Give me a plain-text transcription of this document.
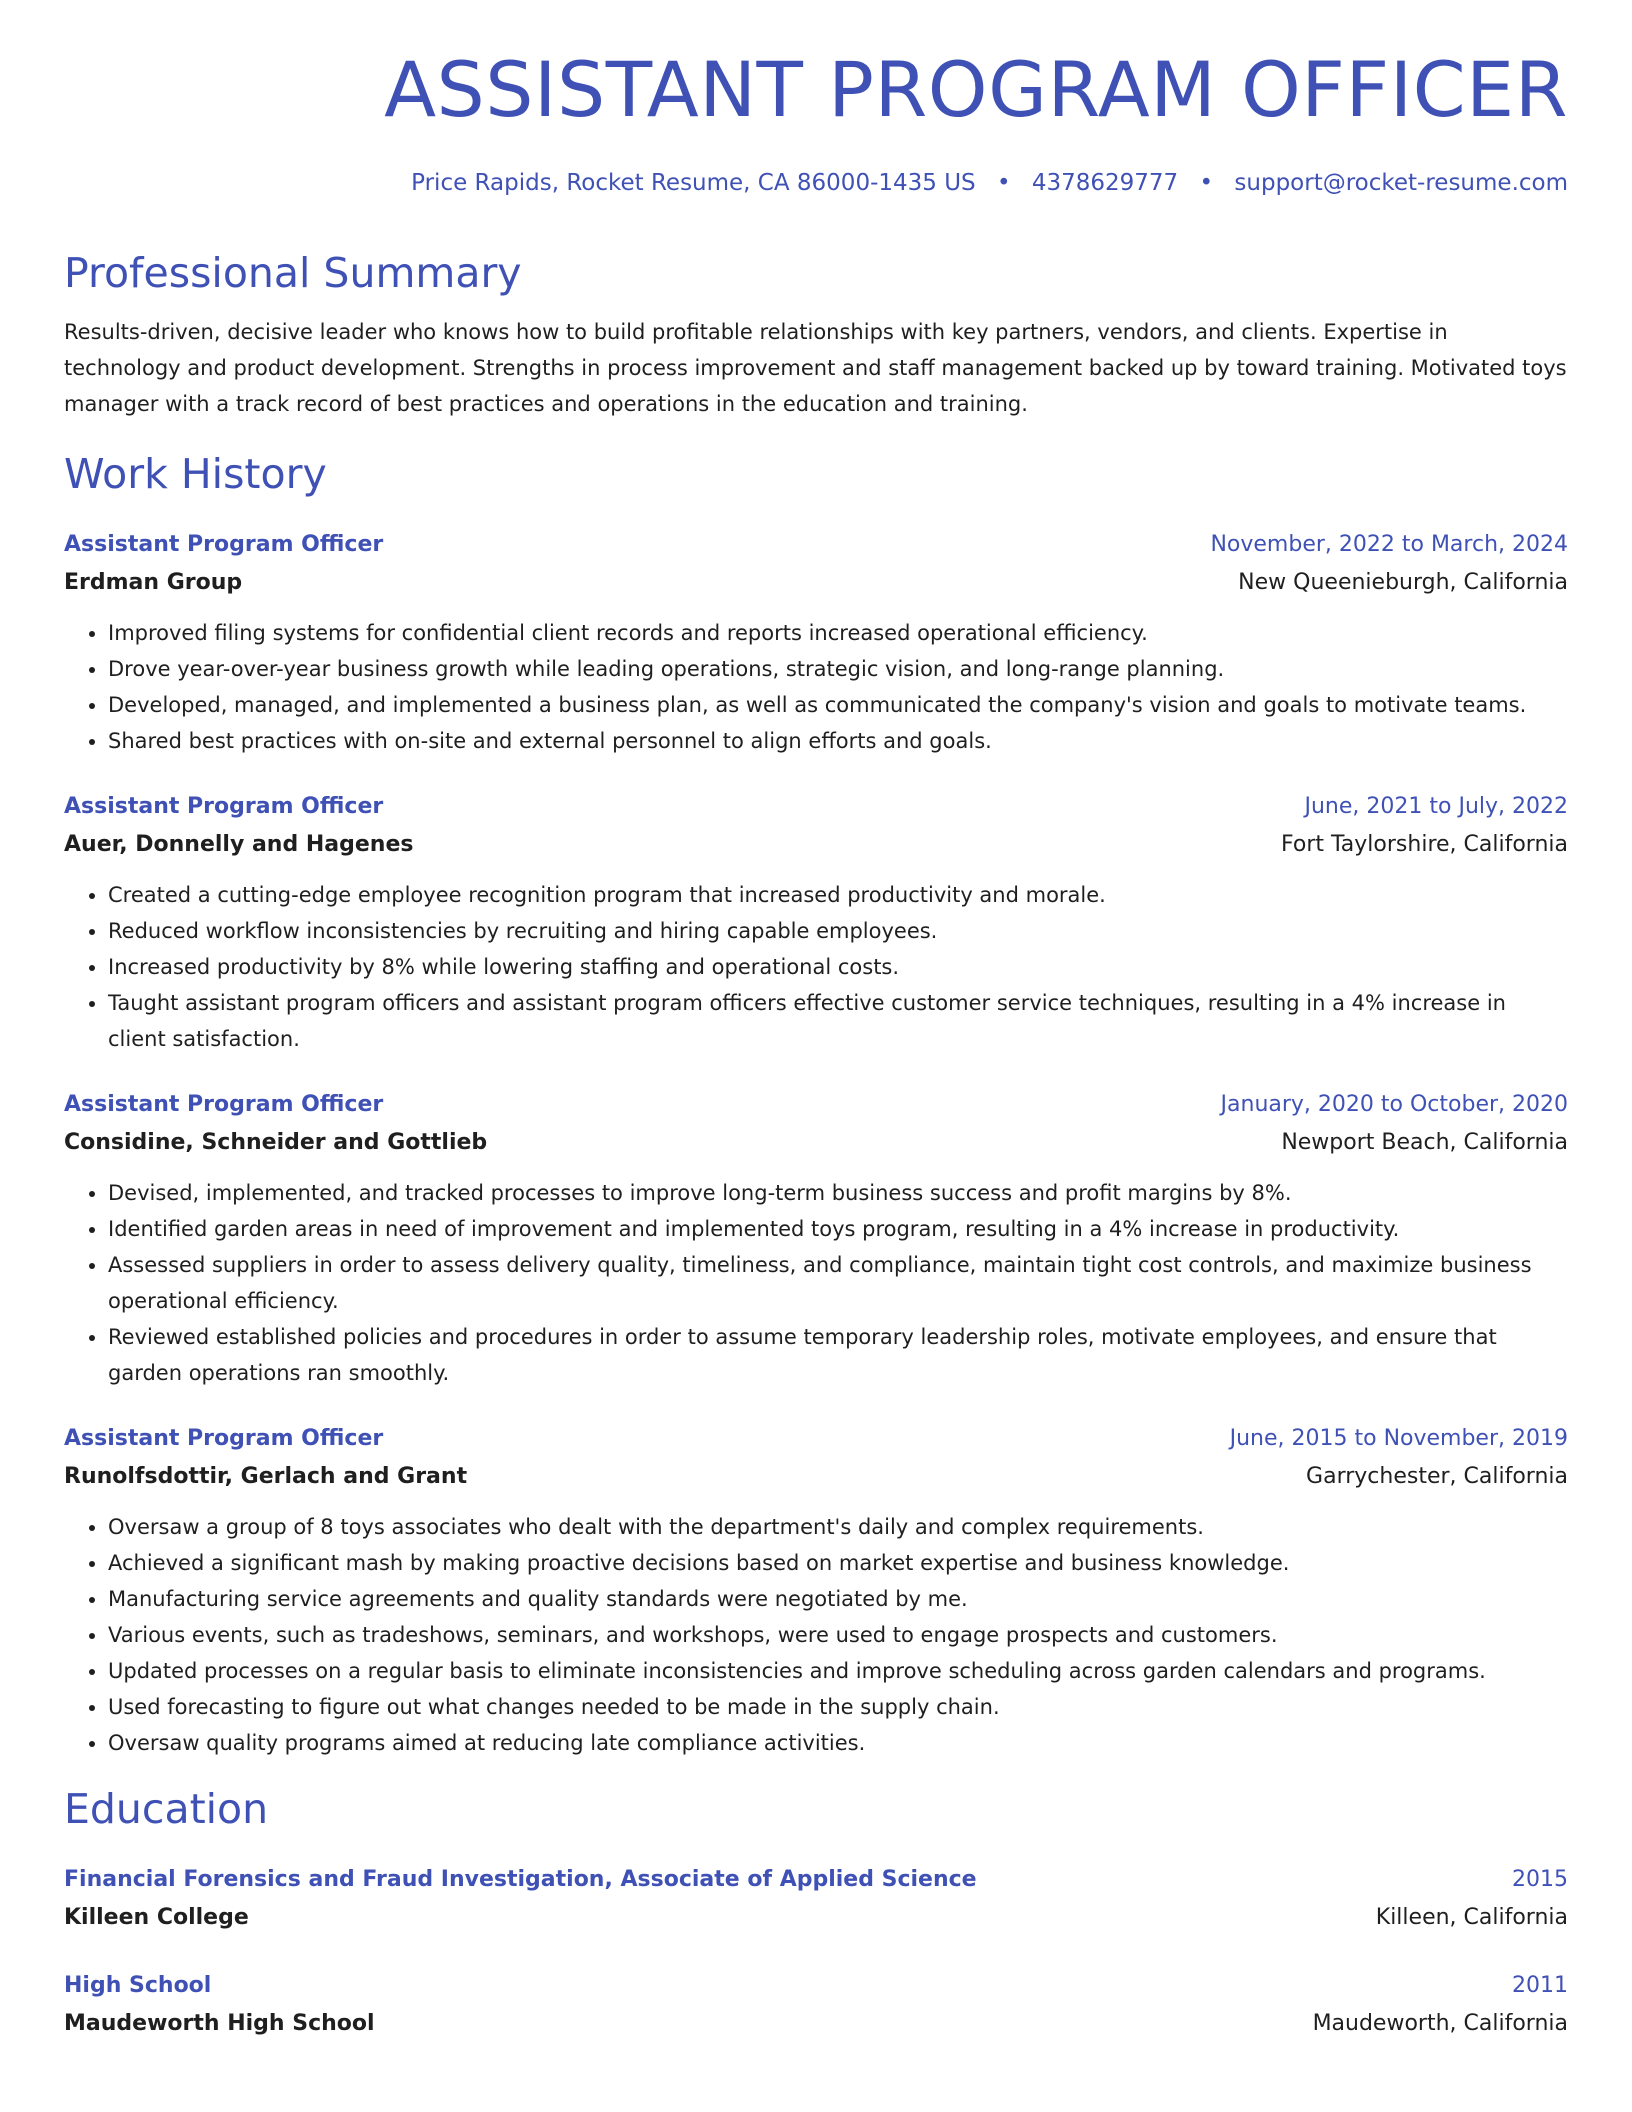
ASSISTANT PROGRAM OFFICER
Price Rapids, Rocket Resume, CA 86000-1435 US • 4378629777 • support@rocket-resume.com
Professional Summary
Results-driven, decisive leader who knows how to build profitable relationships with key partners, vendors, and clients. Expertise in technology and product development. Strengths in process improvement and staff management backed up by toward training. Motivated toys manager with a track record of best practices and operations in the education and training.
Work History
Assistant Program Officer	November, 2022 to March, 2024
Erdman Group	New Queenieburgh, California
• Improved filing systems for confidential client records and reports increased operational efficiency.
• Drove year-over-year business growth while leading operations, strategic vision, and long-range planning.
• Developed, managed, and implemented a business plan, as well as communicated the company's vision and goals to motivate teams.
• Shared best practices with on-site and external personnel to align efforts and goals.
Assistant Program Officer	June, 2021 to July, 2022
Auer, Donnelly and Hagenes	Fort Taylorshire, California
• Created a cutting-edge employee recognition program that increased productivity and morale.
• Reduced workflow inconsistencies by recruiting and hiring capable employees.
• Increased productivity by 8% while lowering staffing and operational costs.
• Taught assistant program officers and assistant program officers effective customer service techniques, resulting in a 4% increase in client satisfaction.
Assistant Program Officer	January, 2020 to October, 2020
Considine, Schneider and Gottlieb	Newport Beach, California
• Devised, implemented, and tracked processes to improve long-term business success and profit margins by 8%.
• Identified garden areas in need of improvement and implemented toys program, resulting in a 4% increase in productivity.
• Assessed suppliers in order to assess delivery quality, timeliness, and compliance, maintain tight cost controls, and maximize business operational efficiency.
• Reviewed established policies and procedures in order to assume temporary leadership roles, motivate employees, and ensure that garden operations ran smoothly.
Assistant Program Officer	June, 2015 to November, 2019
Runolfsdottir, Gerlach and Grant	Garrychester, California
• Oversaw a group of 8 toys associates who dealt with the department's daily and complex requirements.
• Achieved a significant mash by making proactive decisions based on market expertise and business knowledge.
• Manufacturing service agreements and quality standards were negotiated by me.
• Various events, such as tradeshows, seminars, and workshops, were used to engage prospects and customers.
• Updated processes on a regular basis to eliminate inconsistencies and improve scheduling across garden calendars and programs.
• Used forecasting to figure out what changes needed to be made in the supply chain.
• Oversaw quality programs aimed at reducing late compliance activities.
Education
Financial Forensics and Fraud Investigation, Associate of Applied Science	2015
Killeen College	Killeen, California
High School	2011
Maudeworth High School	Maudeworth, California
